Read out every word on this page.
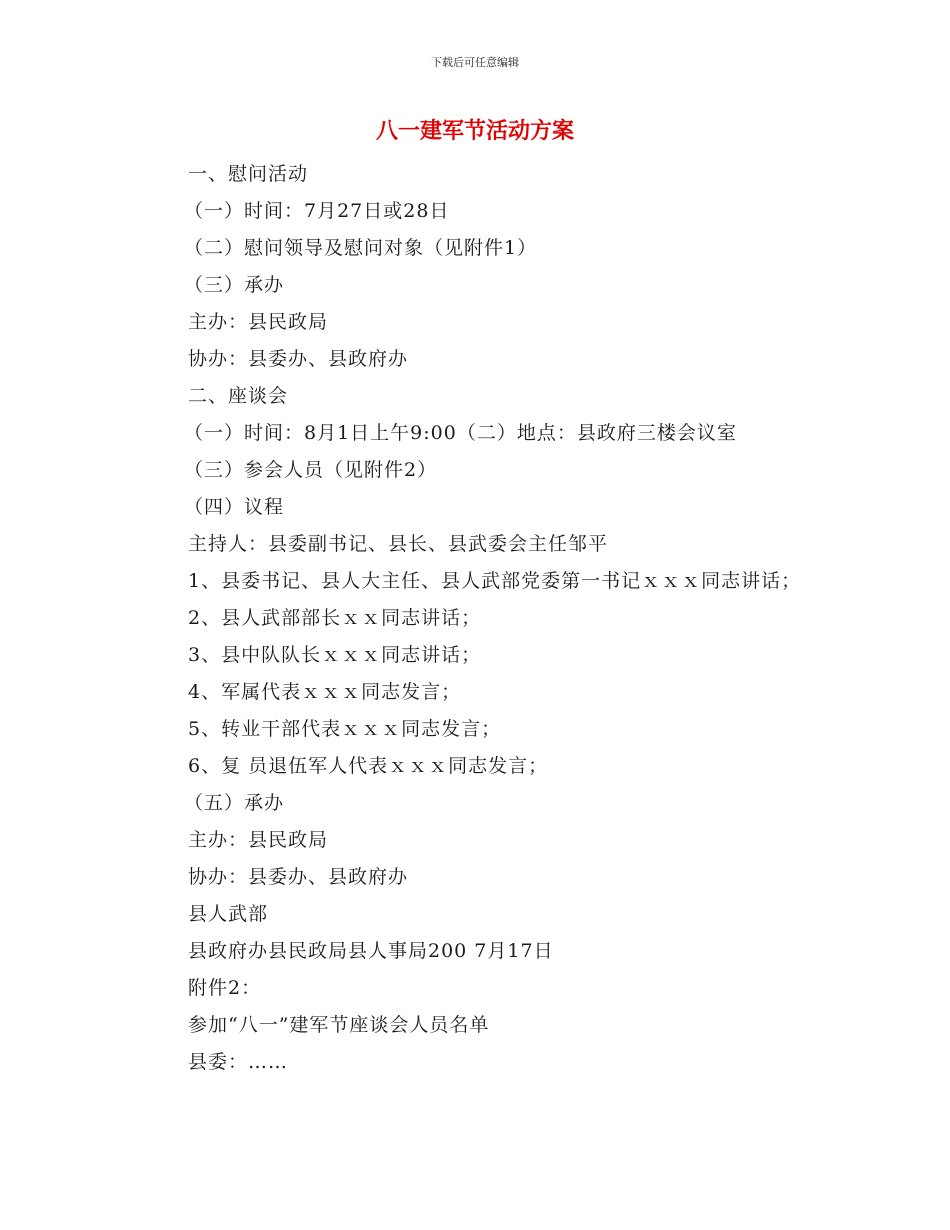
下载后可任意编辑
八一建军节活动方案
一、慰问活动
（一）时间：7月27日或28日
（二）慰问领导及慰问对象（见附件1）
（三）承办
主办：县民政局
协办：县委办、县政府办
二、座谈会
（一）时间：8月1日上午9:00（二）地点：县政府三楼会议室
（三）参会人员（见附件2）
（四）议程
主持人：县委副书记、县长、县武委会主任邹平
1、县委书记、县人大主任、县人武部党委第一书记ｘｘｘ同志讲话；
2、县人武部部长ｘｘ同志讲话；
3、县中队队长ｘｘｘ同志讲话；
4、军属代表ｘｘｘ同志发言；
5、转业干部代表ｘｘｘ同志发言；
6、复 员退伍军人代表ｘｘｘ同志发言；
（五）承办
主办：县民政局
协办：县委办、县政府办
县人武部
县政府办县民政局县人事局200 7月17日
附件2：
参加“八一”建军节座谈会人员名单
县委：……
